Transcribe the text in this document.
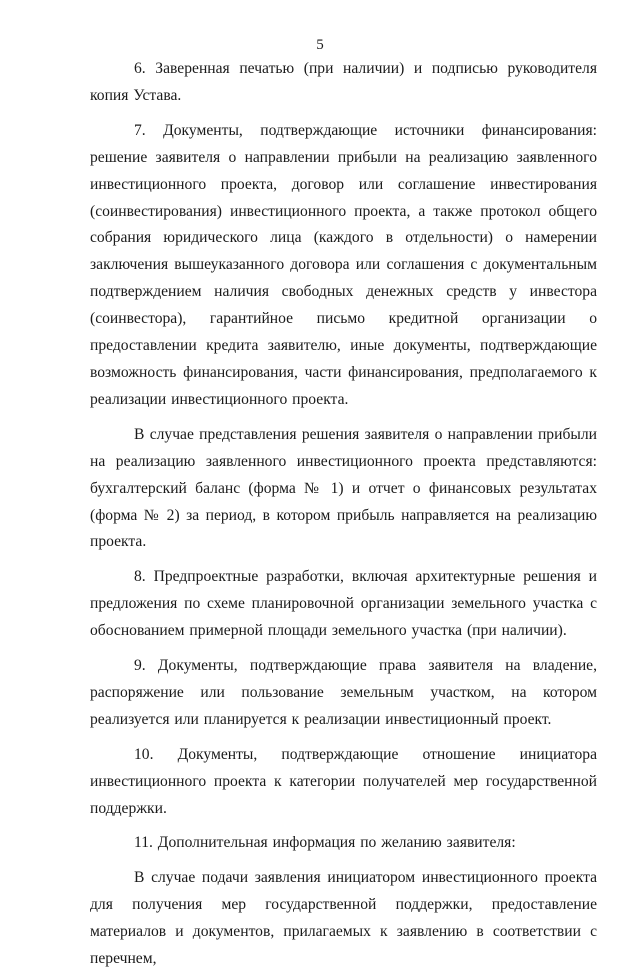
5

6. Заверенная печатью (при наличии) и подписью руководителя копия Устава.

7. Документы, подтверждающие источники финансирования: решение заявителя о направлении прибыли на реализацию заявленного инвестиционного проекта, договор или соглашение инвестирования (соинвестирования) инвестиционного проекта, а также протокол общего собрания юридического лица (каждого в отдельности) о намерении заключения вышеуказанного договора или соглашения с документальным подтверждением наличия свободных денежных средств у инвестора (соинвестора), гарантийное письмо кредитной организации о предоставлении кредита заявителю, иные документы, подтверждающие возможность финансирования, части финансирования, предполагаемого к реализации инвестиционного проекта.

В случае представления решения заявителя о направлении прибыли на реализацию заявленного инвестиционного проекта представляются: бухгалтерский баланс (форма № 1) и отчет о финансовых результатах (форма № 2) за период, в котором прибыль направляется на реализацию проекта.

8. Предпроектные разработки, включая архитектурные решения и предложения по схеме планировочной организации земельного участка с обоснованием примерной площади земельного участка (при наличии).

9. Документы, подтверждающие права заявителя на владение, распоряжение или пользование земельным участком, на котором реализуется или планируется к реализации инвестиционный проект.

10. Документы, подтверждающие отношение инициатора инвестиционного проекта к категории получателей мер государственной поддержки.

11. Дополнительная информация по желанию заявителя:

В случае подачи заявления инициатором инвестиционного проекта для получения мер государственной поддержки, предоставление материалов и документов, прилагаемых к заявлению в соответствии с перечнем,
